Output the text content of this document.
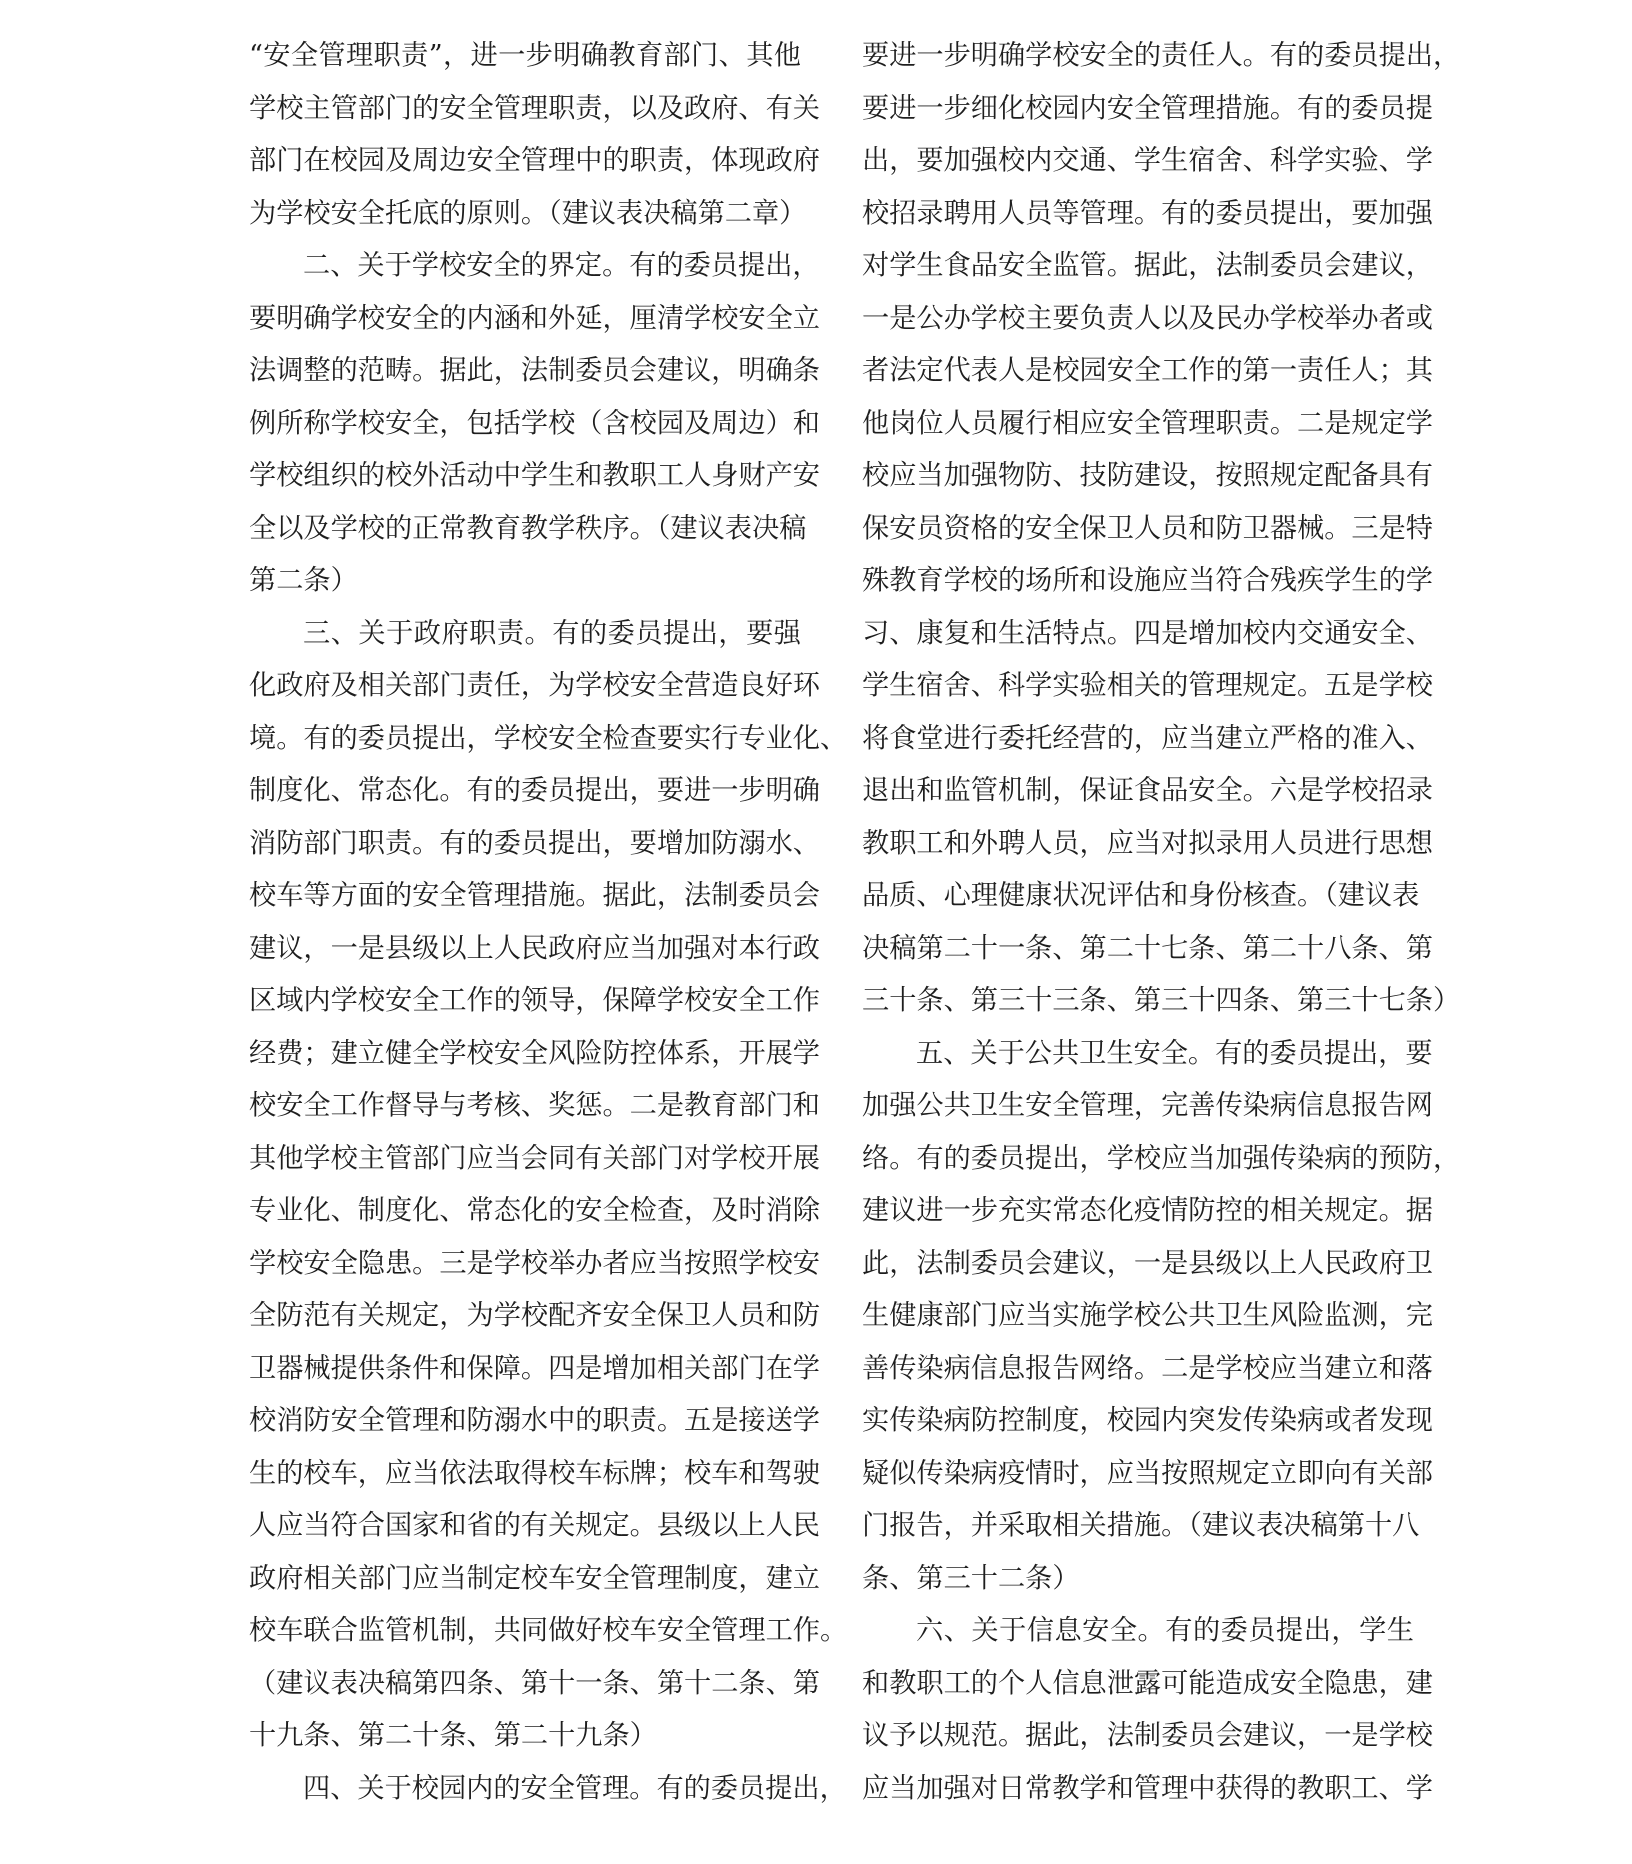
“安全管理职责”，进一步明确教育部门、其他
学校主管部门的安全管理职责，以及政府、有关
部门在校园及周边安全管理中的职责，体现政府
为学校安全托底的原则。（建议表决稿第二章）
二、关于学校安全的界定。有的委员提出，
要明确学校安全的内涵和外延，厘清学校安全立
法调整的范畴。据此，法制委员会建议，明确条
例所称学校安全，包括学校（含校园及周边）和
学校组织的校外活动中学生和教职工人身财产安
全以及学校的正常教育教学秩序。（建议表决稿
第二条）
三、关于政府职责。有的委员提出，要强
化政府及相关部门责任，为学校安全营造良好环
境。有的委员提出，学校安全检查要实行专业化、
制度化、常态化。有的委员提出，要进一步明确
消防部门职责。有的委员提出，要增加防溺水、
校车等方面的安全管理措施。据此，法制委员会
建议，一是县级以上人民政府应当加强对本行政
区域内学校安全工作的领导，保障学校安全工作
经费；建立健全学校安全风险防控体系，开展学
校安全工作督导与考核、奖惩。二是教育部门和
其他学校主管部门应当会同有关部门对学校开展
专业化、制度化、常态化的安全检查，及时消除
学校安全隐患。三是学校举办者应当按照学校安
全防范有关规定，为学校配齐安全保卫人员和防
卫器械提供条件和保障。四是增加相关部门在学
校消防安全管理和防溺水中的职责。五是接送学
生的校车，应当依法取得校车标牌；校车和驾驶
人应当符合国家和省的有关规定。县级以上人民
政府相关部门应当制定校车安全管理制度，建立
校车联合监管机制，共同做好校车安全管理工作。
（建议表决稿第四条、第十一条、第十二条、第
十九条、第二十条、第二十九条）
四、关于校园内的安全管理。有的委员提出，
要进一步明确学校安全的责任人。有的委员提出，
要进一步细化校园内安全管理措施。有的委员提
出，要加强校内交通、学生宿舍、科学实验、学
校招录聘用人员等管理。有的委员提出，要加强
对学生食品安全监管。据此，法制委员会建议，
一是公办学校主要负责人以及民办学校举办者或
者法定代表人是校园安全工作的第一责任人；其
他岗位人员履行相应安全管理职责。二是规定学
校应当加强物防、技防建设，按照规定配备具有
保安员资格的安全保卫人员和防卫器械。三是特
殊教育学校的场所和设施应当符合残疾学生的学
习、康复和生活特点。四是增加校内交通安全、
学生宿舍、科学实验相关的管理规定。五是学校
将食堂进行委托经营的，应当建立严格的准入、
退出和监管机制，保证食品安全。六是学校招录
教职工和外聘人员，应当对拟录用人员进行思想
品质、心理健康状况评估和身份核查。（建议表
决稿第二十一条、第二十七条、第二十八条、第
三十条、第三十三条、第三十四条、第三十七条）
五、关于公共卫生安全。有的委员提出，要
加强公共卫生安全管理，完善传染病信息报告网
络。有的委员提出，学校应当加强传染病的预防，
建议进一步充实常态化疫情防控的相关规定。据
此，法制委员会建议，一是县级以上人民政府卫
生健康部门应当实施学校公共卫生风险监测，完
善传染病信息报告网络。二是学校应当建立和落
实传染病防控制度，校园内突发传染病或者发现
疑似传染病疫情时，应当按照规定立即向有关部
门报告，并采取相关措施。（建议表决稿第十八
条、第三十二条）
六、关于信息安全。有的委员提出，学生
和教职工的个人信息泄露可能造成安全隐患，建
议予以规范。据此，法制委员会建议，一是学校
应当加强对日常教学和管理中获得的教职工、学
